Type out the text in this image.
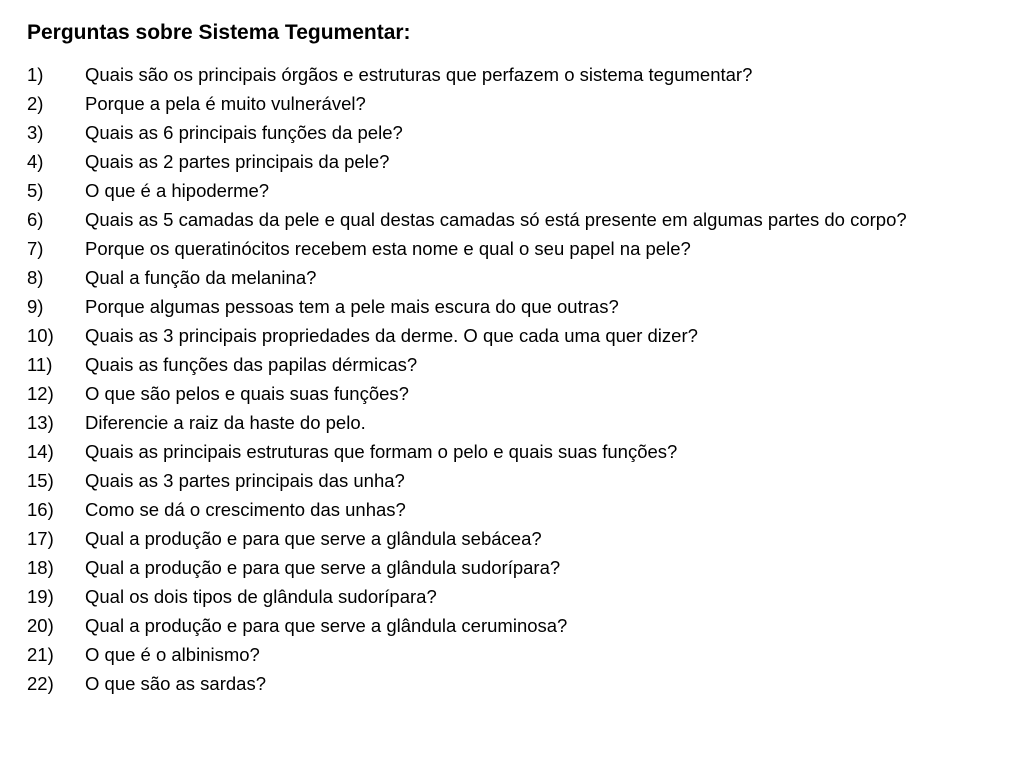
Perguntas sobre Sistema Tegumentar:
1)	Quais são os principais órgãos e estruturas que perfazem o sistema tegumentar?
2)	Porque a pela é muito vulnerável?
3)	Quais as 6 principais funções da pele?
4)	Quais as 2 partes principais da pele?
5)	O que é a hipoderme?
6)	Quais as 5 camadas da pele e qual destas camadas só está presente em algumas partes do corpo?
7)	Porque os queratinócitos recebem esta nome e qual o seu papel na pele?
8)	Qual a função da melanina?
9)	Porque algumas pessoas tem a pele mais escura do que outras?
10)	Quais as 3 principais propriedades da derme. O que cada uma quer dizer?
11)	Quais as funções das papilas dérmicas?
12)	O que são pelos e quais suas funções?
13)	Diferencie a raiz da haste do pelo.
14)	Quais as principais estruturas que formam o pelo e quais suas funções?
15)	Quais as 3 partes principais das unha?
16)	Como se dá o crescimento das unhas?
17)	Qual a produção e para que serve a glândula sebácea?
18)	Qual a produção e para que serve a glândula sudorípara?
19)	Qual os dois tipos de glândula sudorípara?
20)	Qual a produção e para que serve a glândula ceruminosa?
21)	O que é o albinismo?
22)	O que são as sardas?
